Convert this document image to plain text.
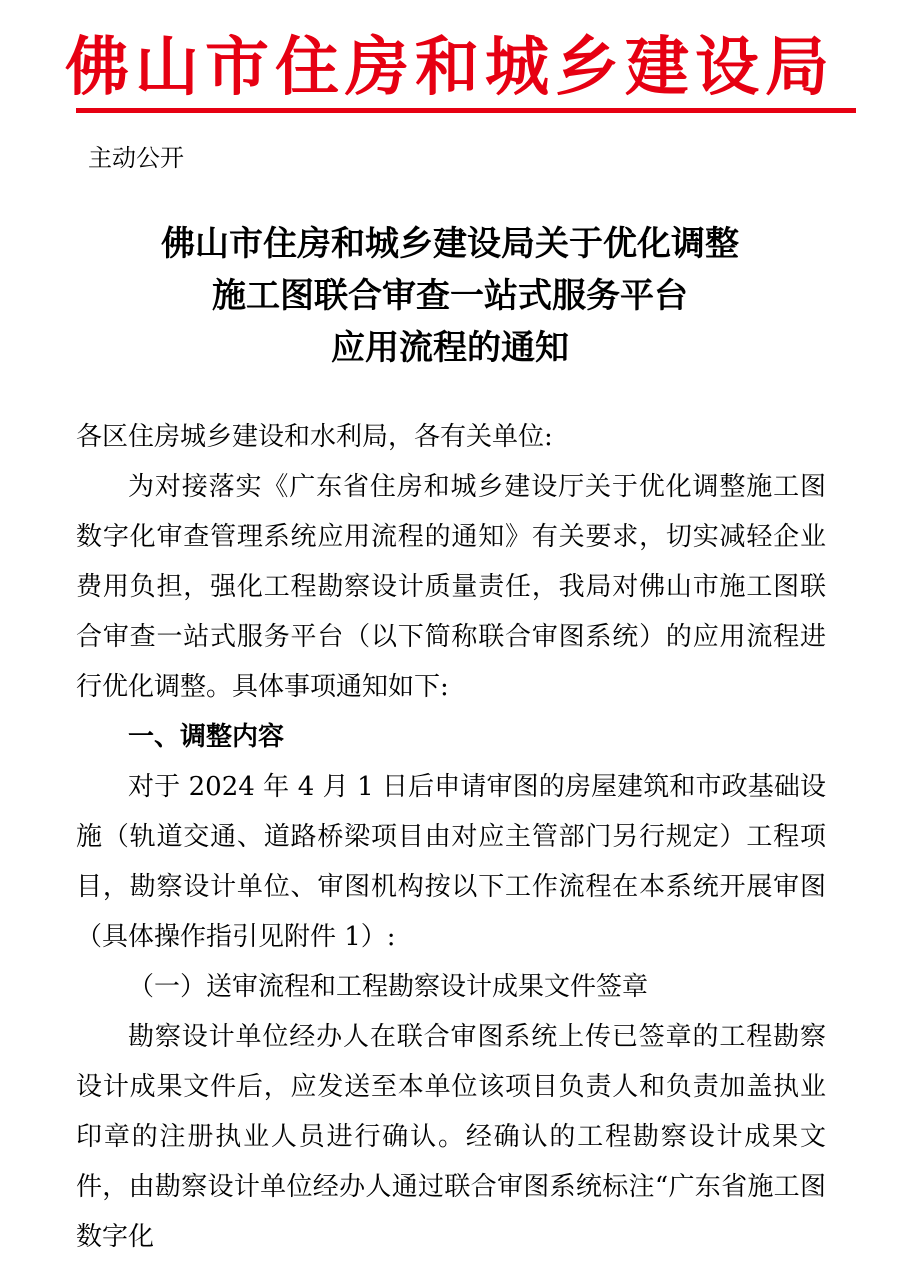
佛山市住房和城乡建设局
主动公开
佛山市住房和城乡建设局关于优化调整
施工图联合审查一站式服务平台
应用流程的通知

各区住房城乡建设和水利局，各有关单位:

为对接落实《广东省住房和城乡建设厅关于优化调整施工图数字化审查管理系统应用流程的通知》有关要求，切实减轻企业费用负担，强化工程勘察设计质量责任，我局对佛山市施工图联合审查一站式服务平台（以下简称联合审图系统）的应用流程进行优化调整。具体事项通知如下:

一、调整内容

对于 2024 年 4 月 1 日后申请审图的房屋建筑和市政基础设施（轨道交通、道路桥梁项目由对应主管部门另行规定）工程项目，勘察设计单位、审图机构按以下工作流程在本系统开展审图（具体操作指引见附件 1）:

（一）送审流程和工程勘察设计成果文件签章

勘察设计单位经办人在联合审图系统上传已签章的工程勘察设计成果文件后，应发送至本单位该项目负责人和负责加盖执业印章的注册执业人员进行确认。经确认的工程勘察设计成果文件，由勘察设计单位经办人通过联合审图系统标注“广东省施工图数字化
